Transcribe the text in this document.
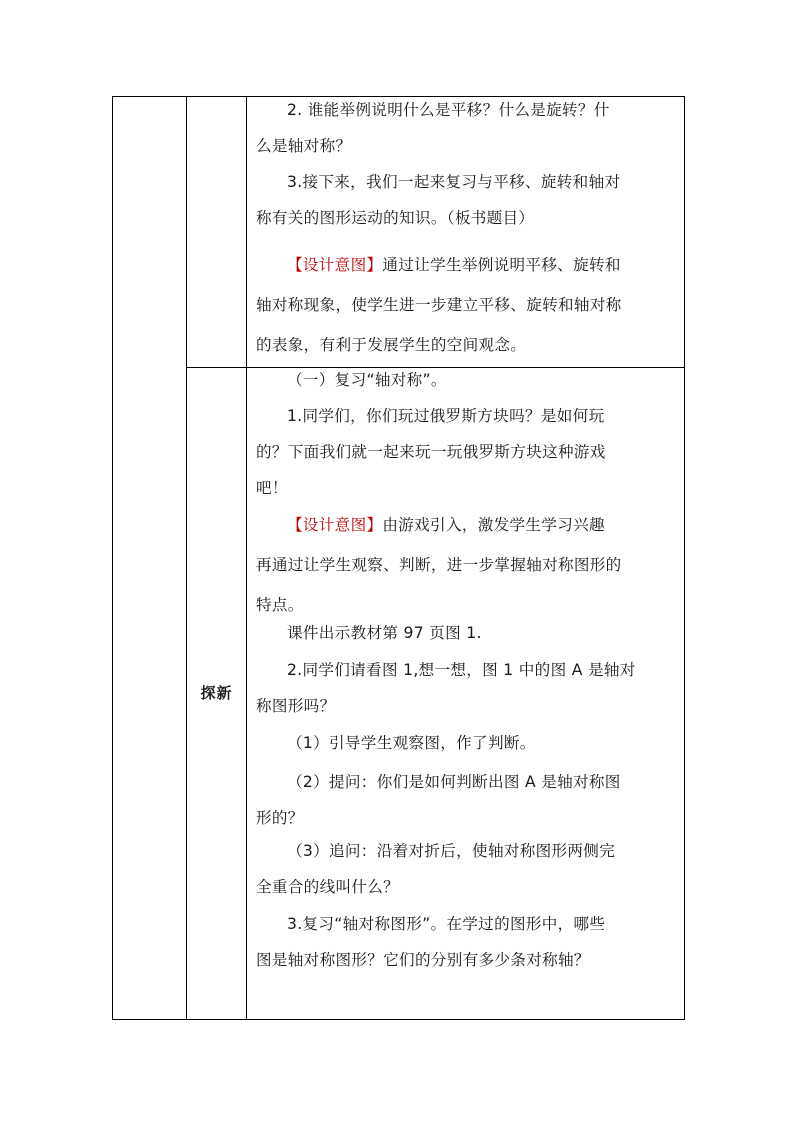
2. 谁能举例说明什么是平移？什么是旋转？什
么是轴对称？

3.接下来，我们一起来复习与平移、旋转和轴对
称有关的图形运动的知识。（板书题目）

【设计意图】通过让学生举例说明平移、旋转和
轴对称现象，使学生进一步建立平移、旋转和轴对称
的表象，有利于发展学生的空间观念。

探新

（一）复习“轴对称”。

1.同学们，你们玩过俄罗斯方块吗？是如何玩
的？下面我们就一起来玩一玩俄罗斯方块这种游戏
吧！

【设计意图】由游戏引入，激发学生学习兴趣
再通过让学生观察、判断，进一步掌握轴对称图形的
特点。

课件出示教材第 97 页图 1.

2.同学们请看图 1,想一想，图 1 中的图 A 是轴对
称图形吗？

（1）引导学生观察图，作了判断。

（2）提问：你们是如何判断出图 A 是轴对称图
形的？

（3）追问：沿着对折后，使轴对称图形两侧完
全重合的线叫什么？

3.复习“轴对称图形”。在学过的图形中，哪些
图是轴对称图形？它们的分别有多少条对称轴？
